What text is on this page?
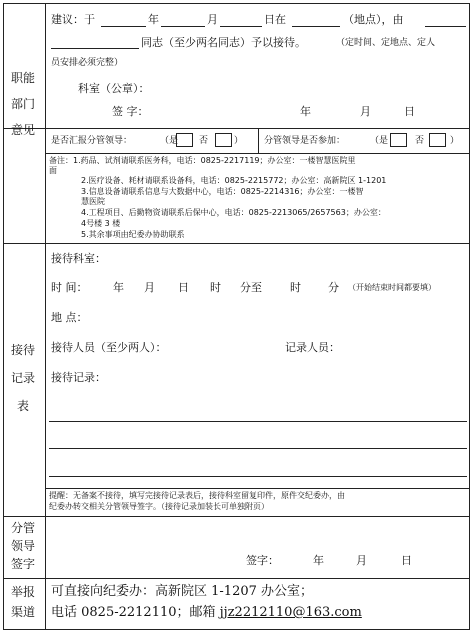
职能
部门
意见
接待
记录
表
分管
领导
签字
举报
渠道
建议：于	年	月	日在	（地点），由
同志（至少两名同志）予以接待。	（定时间、定地点、定人
员安排必须完整）
科室（公章）：
签 字：	年	月	日
是否汇报分管领导：	（是 否	） 分管领导是否参加：	（是	否	）
备注：1.药品、试剂请联系医务科，电话：0825-2217119；办公室：一楼智慧医院里
面
2.医疗设备、耗材请联系设备科，电话：0825-2215772；办公室：高新院区 1-1201
3.信息设备请联系信息与大数据中心，电话：0825-2214316；办公室：一楼智
慧医院
4.工程项目、后勤物资请联系后保中心，电话：0825-2213065/2657563；办公室：
4号楼 3 楼
5.其余事项由纪委办协助联系
接待科室：
时 间： 年 月 日 时 分至	时 分 （开始结束时间都要填）
地 点：
接待人员（至少两人）：	记录人员：
接待记录：
提醒：无备案不接待，填写完接待记录表后，接待科室留复印件，原件交纪委办，由
纪委办转交相关分管领导签字。（接待记录加装长可单独附页）
签字：	年	月	日
可直接向纪委办：高新院区 1-1207 办公室；
电话 0825-2212110；邮箱 jjz2212110@163.com
